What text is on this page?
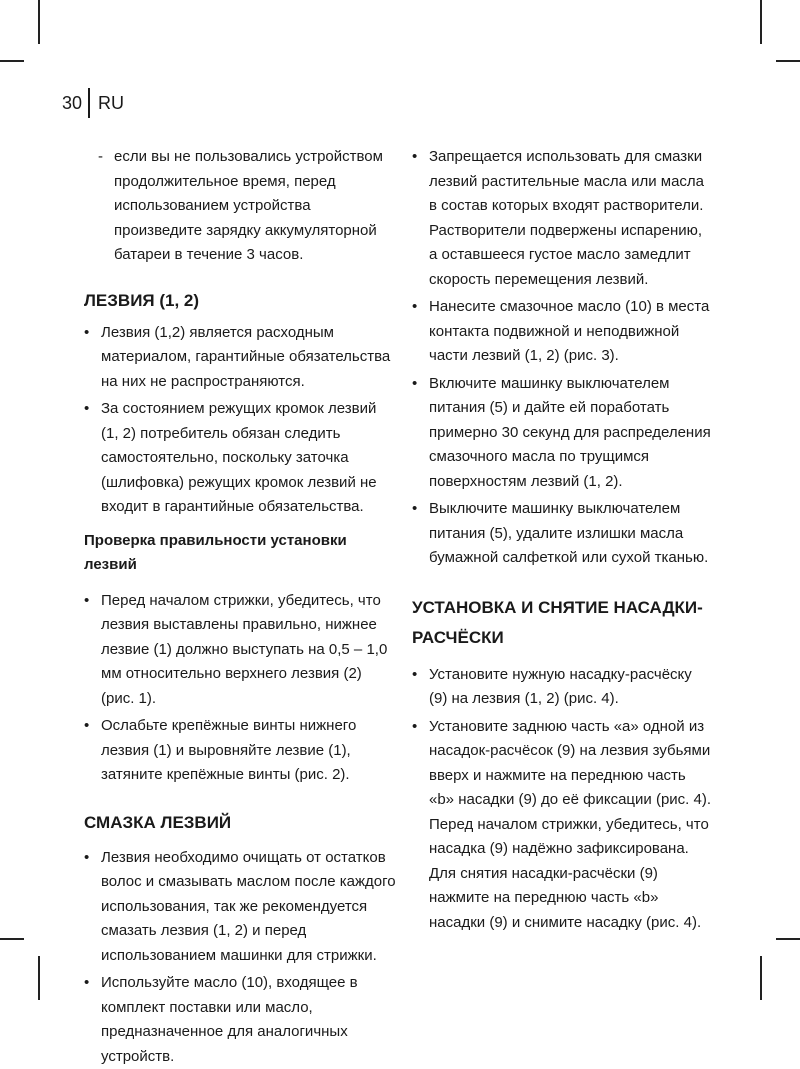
30 RU
- если вы не пользовались устройством продолжительное время, перед использованием устройства произведите зарядку аккумуляторной батареи в течение 3 часов.
ЛЕЗВИЯ (1, 2)
• Лезвия (1,2) является расходным материалом, гарантийные обязательства на них не распространяются.
• За состоянием режущих кромок лезвий (1, 2) потребитель обязан следить самостоятельно, поскольку заточка (шлифовка) режущих кромок лезвий не входит в гарантийные обязательства.
Проверка правильности установки лезвий
• Перед началом стрижки, убедитесь, что лезвия выставлены правильно, нижнее лезвие (1) должно выступать на 0,5 – 1,0 мм относительно верхнего лезвия (2) (рис. 1).
• Ослабьте крепёжные винты нижнего лезвия (1) и выровняйте лезвие (1), затяните крепёжные винты (рис. 2).
СМАЗКА ЛЕЗВИЙ
• Лезвия необходимо очищать от остатков волос и смазывать маслом после каждого использования, так же рекомендуется смазать лезвия (1, 2) и перед использованием машинки для стрижки.
• Используйте масло (10), входящее в комплект поставки или масло, предназначенное для аналогичных устройств.
• Запрещается использовать для смазки лезвий растительные масла или масла в состав которых входят растворители. Растворители подвержены испарению, а оставшееся густое масло замедлит скорость перемещения лезвий.
• Нанесите смазочное масло (10) в места контакта подвижной и неподвижной части лезвий (1, 2) (рис. 3).
• Включите машинку выключателем питания (5) и дайте ей поработать примерно 30 секунд для распределения смазочного масла по трущимся поверхностям лезвий (1, 2).
• Выключите машинку выключателем питания (5), удалите излишки масла бумажной салфеткой или сухой тканью.
УСТАНОВКА И СНЯТИЕ НАСАДКИ-РАСЧЁСКИ
• Установите нужную насадку-расчёску (9) на лезвия (1, 2) (рис. 4).
• Установите заднюю часть «а» одной из насадок-расчёсок (9) на лезвия зубьями вверх и нажмите на переднюю часть «b» насадки (9) до её фиксации (рис. 4). Перед началом стрижки, убедитесь, что насадка (9) надёжно зафиксирована. Для снятия насадки-расчёски (9) нажмите на переднюю часть «b» насадки (9) и снимите насадку (рис. 4).
